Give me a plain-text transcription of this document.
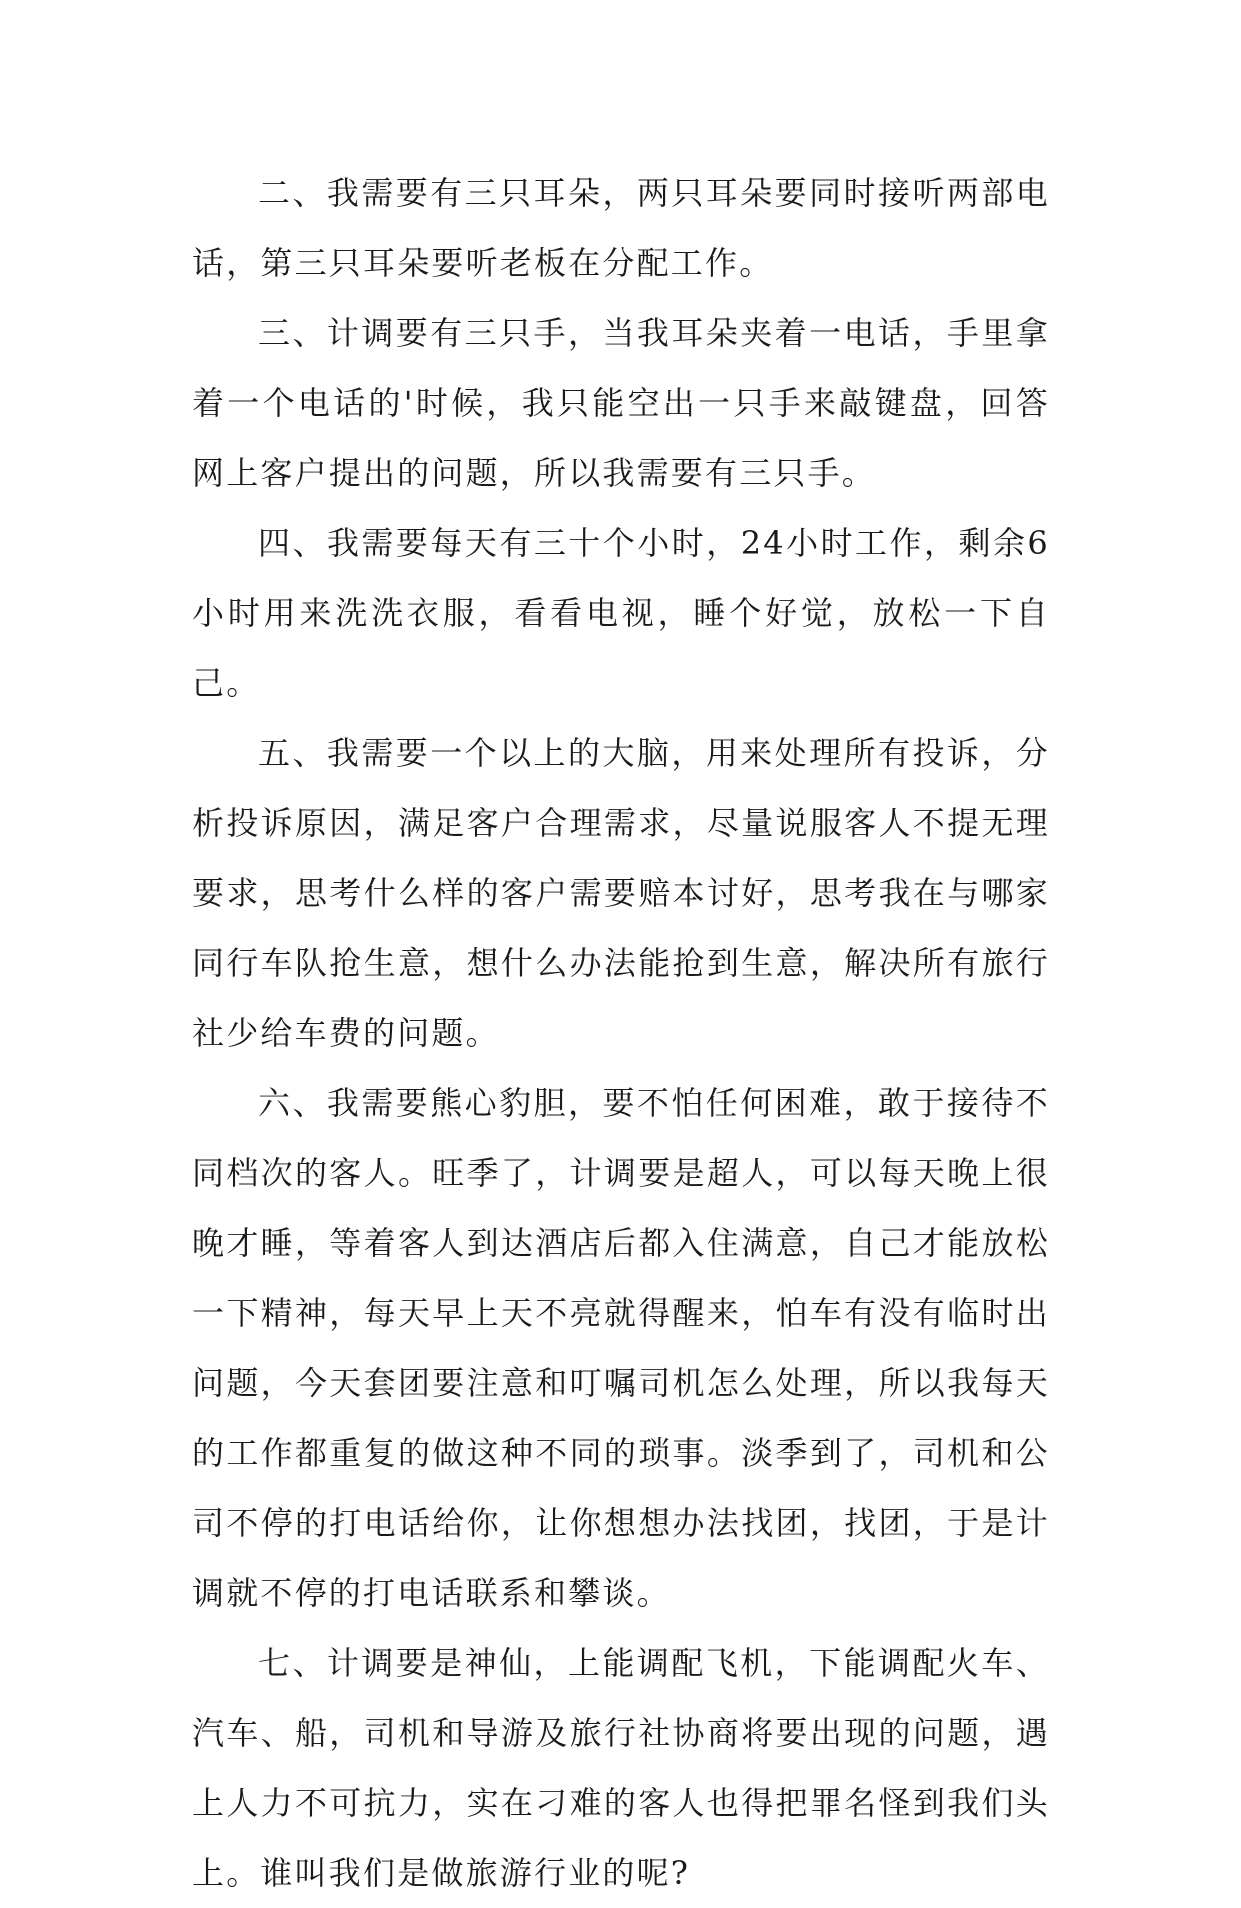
二、我需要有三只耳朵，两只耳朵要同时接听两部电话，第三只耳朵要听老板在分配工作。

三、计调要有三只手，当我耳朵夹着一电话，手里拿着一个电话的'时候，我只能空出一只手来敲键盘，回答网上客户提出的问题，所以我需要有三只手。

四、我需要每天有三十个小时，24小时工作，剩余6小时用来洗洗衣服，看看电视，睡个好觉，放松一下自己。

五、我需要一个以上的大脑，用来处理所有投诉，分析投诉原因，满足客户合理需求，尽量说服客人不提无理要求，思考什么样的客户需要赔本讨好，思考我在与哪家同行车队抢生意，想什么办法能抢到生意，解决所有旅行社少给车费的问题。

六、我需要熊心豹胆，要不怕任何困难，敢于接待不同档次的客人。旺季了，计调要是超人，可以每天晚上很晚才睡，等着客人到达酒店后都入住满意，自己才能放松一下精神，每天早上天不亮就得醒来，怕车有没有临时出问题，今天套团要注意和叮嘱司机怎么处理，所以我每天的工作都重复的做这种不同的琐事。淡季到了，司机和公司不停的打电话给你，让你想想办法找团，找团，于是计调就不停的打电话联系和攀谈。

七、计调要是神仙，上能调配飞机，下能调配火车、汽车、船，司机和导游及旅行社协商将要出现的问题，遇上人力不可抗力，实在刁难的客人也得把罪名怪到我们头上。谁叫我们是做旅游行业的呢?
